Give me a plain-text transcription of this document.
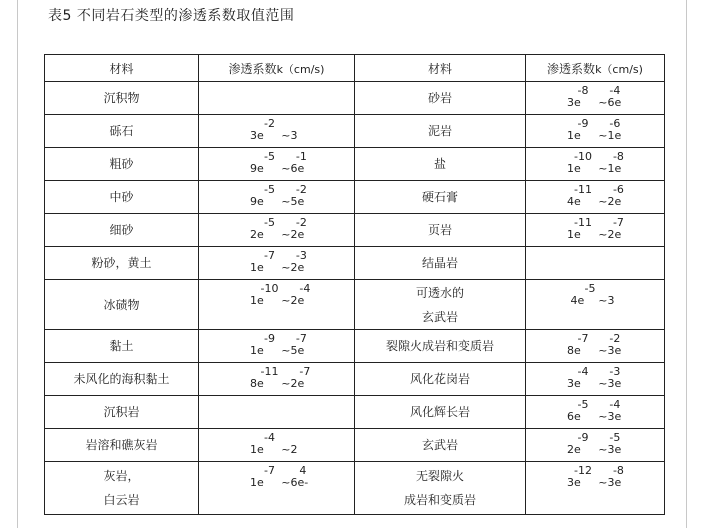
表5 不同岩石类型的渗透系数取值范围
材料	渗透系数k（cm/s)	材料	渗透系数k（cm/s)

沉积物		砂岩	-8      -4
3e     ~6e

砾石	-2
3e     ~3	泥岩	-9      -6
1e     ~1e

粗砂	-5      -1
9e     ~6e	盐	-10      -8
1e     ~1e

中砂	-5      -2
9e     ~5e	硬石膏	-11      -6
4e     ~2e

细砂	-5      -2
2e     ~2e	页岩	-11      -7
1e     ~2e

粉砂，黄土	-7      -3
1e     ~2e	结晶岩	

冰碛物	-10      -4
1e     ~2e	可透水的
玄武岩	-5
4e    ~3

黏土	-9      -7
1e     ~5e	裂隙火成岩和变质岩	-7      -2
8e     ~3e

未风化的海积黏土	-11      -7
8e     ~2e	风化花岗岩	-4      -3
3e     ~3e

沉积岩		风化辉长岩	-5      -4
6e     ~3e

岩溶和礁灰岩	-4
1e     ~2	玄武岩	-9      -5
2e     ~3e

灰岩，
白云岩	-7       4
1e     ~6e-	无裂隙火
成岩和变质岩	-12      -8
3e     ~3e
